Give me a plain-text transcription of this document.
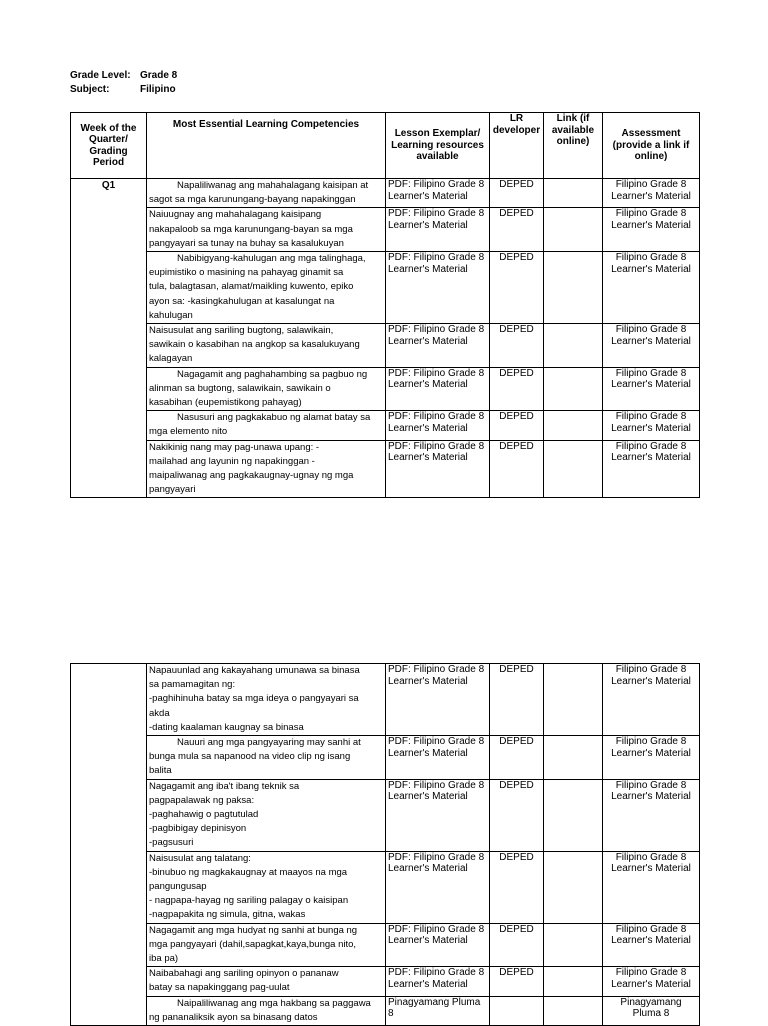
Grade Level: Grade 8
Subject:	Filipino
Week of the Quarter/ Grading Period	Most Essential Learning Competencies	Lesson Exemplar/ Learning resources available	LR developer	Link (if available online)	Assessment (provide a link if online)
Q1	Napaliliwanag ang mahahalagang kaisipan at
sagot sa mga karunungang-bayang napakinggan	PDF: Filipino Grade 8 Learner's Material	DEPED		Filipino Grade 8 Learner's Material

	Naiuugnay ang mahahalagang kaisipang
nakapaloob sa mga karunungang-bayan sa mga
pangyayari sa tunay na buhay sa kasalukuyan	PDF: Filipino Grade 8 Learner's Material	DEPED		Filipino Grade 8 Learner's Material

	Nabibigyang-kahulugan ang mga talinghaga,
eupimistiko o masining na pahayag ginamit sa
tula, balagtasan, alamat/maikling kuwento, epiko
ayon sa: -kasingkahulugan at kasalungat na
kahulugan	PDF: Filipino Grade 8 Learner's Material	DEPED		Filipino Grade 8 Learner's Material

	Naisusulat ang sariling bugtong, salawikain,
sawikain o kasabihan na angkop sa kasalukuyang
kalagayan	PDF: Filipino Grade 8 Learner's Material	DEPED		Filipino Grade 8 Learner's Material

	Nagagamit ang paghahambing sa pagbuo ng
alinman sa bugtong, salawikain, sawikain o
kasabihan (eupemistikong pahayag)	PDF: Filipino Grade 8 Learner's Material	DEPED		Filipino Grade 8 Learner's Material

	Nasusuri ang pagkakabuo ng alamat batay sa
mga elemento nito	PDF: Filipino Grade 8 Learner's Material	DEPED		Filipino Grade 8 Learner's Material

	Nakikinig nang may pag-unawa upang: -
mailahad ang layunin ng napakinggan -
maipaliwanag ang pagkakaugnay-ugnay ng mga
pangyayari	PDF: Filipino Grade 8 Learner's Material	DEPED		Filipino Grade 8 Learner's Material

	Napauunlad ang kakayahang umunawa sa binasa
sa pamamagitan ng:
-paghihinuha batay sa mga ideya o pangyayari sa
akda
-dating kaalaman kaugnay sa binasa	PDF: Filipino Grade 8 Learner's Material	DEPED		Filipino Grade 8 Learner's Material

	Nauuri ang mga pangyayaring may sanhi at
bunga mula sa napanood na video clip ng isang
balita	PDF: Filipino Grade 8 Learner's Material	DEPED		Filipino Grade 8 Learner's Material

	Nagagamit ang iba't ibang teknik sa
pagpapalawak ng paksa:
-paghahawig o pagtutulad
-pagbibigay depinisyon
-pagsusuri	PDF: Filipino Grade 8 Learner's Material	DEPED		Filipino Grade 8 Learner's Material

	Naisusulat ang talatang:
-binubuo ng magkakaugnay at maayos na mga
pangungusap
- nagpapa-hayag ng sariling palagay o kaisipan
-nagpapakita ng simula, gitna, wakas	PDF: Filipino Grade 8 Learner's Material	DEPED		Filipino Grade 8 Learner's Material

	Nagagamit ang mga hudyat ng sanhi at bunga ng
mga pangyayari (dahil,sapagkat,kaya,bunga nito,
iba pa)	PDF: Filipino Grade 8 Learner's Material	DEPED		Filipino Grade 8 Learner's Material

	Naibabahagi ang sariling opinyon o pananaw
batay sa napakinggang pag-uulat	PDF: Filipino Grade 8 Learner's Material	DEPED		Filipino Grade 8 Learner's Material

	Naipaliliwanag ang mga hakbang sa paggawa
ng pananaliksik ayon sa binasang datos	Pinagyamang Pluma 8			Pinagyamang Pluma 8
